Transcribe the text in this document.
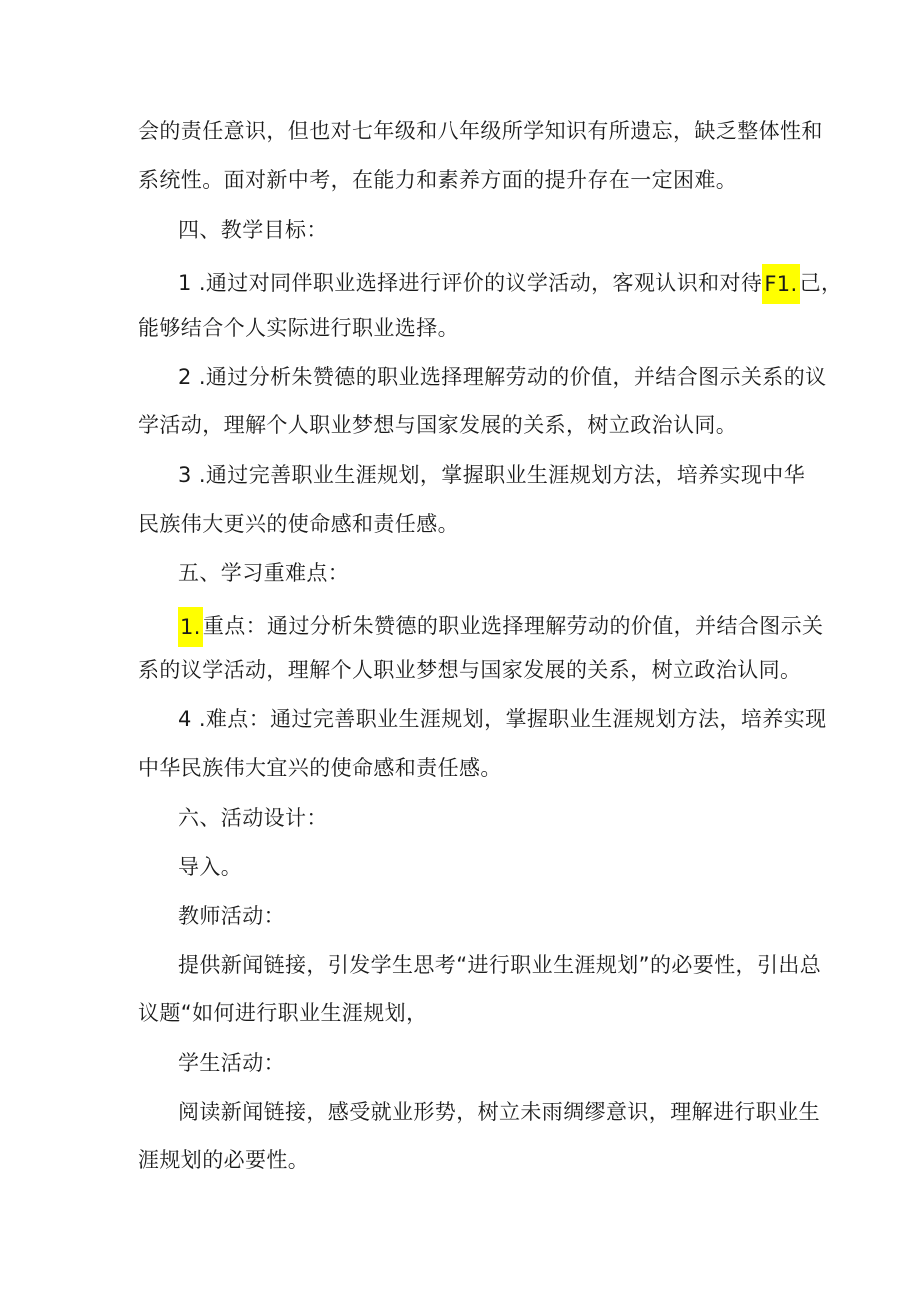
会的责任意识，但也对七年级和八年级所学知识有所遗忘，缺乏整体性和
系统性。面对新中考，在能力和素养方面的提升存在一定困难。
四、教学目标：
1 .通过对同伴职业选择进行评价的议学活动，客观认识和对待F1.己，
能够结合个人实际进行职业选择。
2 .通过分析朱赞德的职业选择理解劳动的价值，并结合图示关系的议
学活动，理解个人职业梦想与国家发展的关系，树立政治认同。
3 .通过完善职业生涯规划，掌握职业生涯规划方法，培养实现中华
民族伟大更兴的使命感和责任感。
五、学习重难点：
1.重点：通过分析朱赞德的职业选择理解劳动的价值，并结合图示关
系的议学活动，理解个人职业梦想与国家发展的关系，树立政治认同。
4 .难点：通过完善职业生涯规划，掌握职业生涯规划方法，培养实现
中华民族伟大宜兴的使命感和责任感。
六、活动设计：
导入。
教师活动：
提供新闻链接，引发学生思考“进行职业生涯规划”的必要性，引出总
议题“如何进行职业生涯规划，
学生活动：
阅读新闻链接，感受就业形势，树立未雨绸缪意识，理解进行职业生
涯规划的必要性。
